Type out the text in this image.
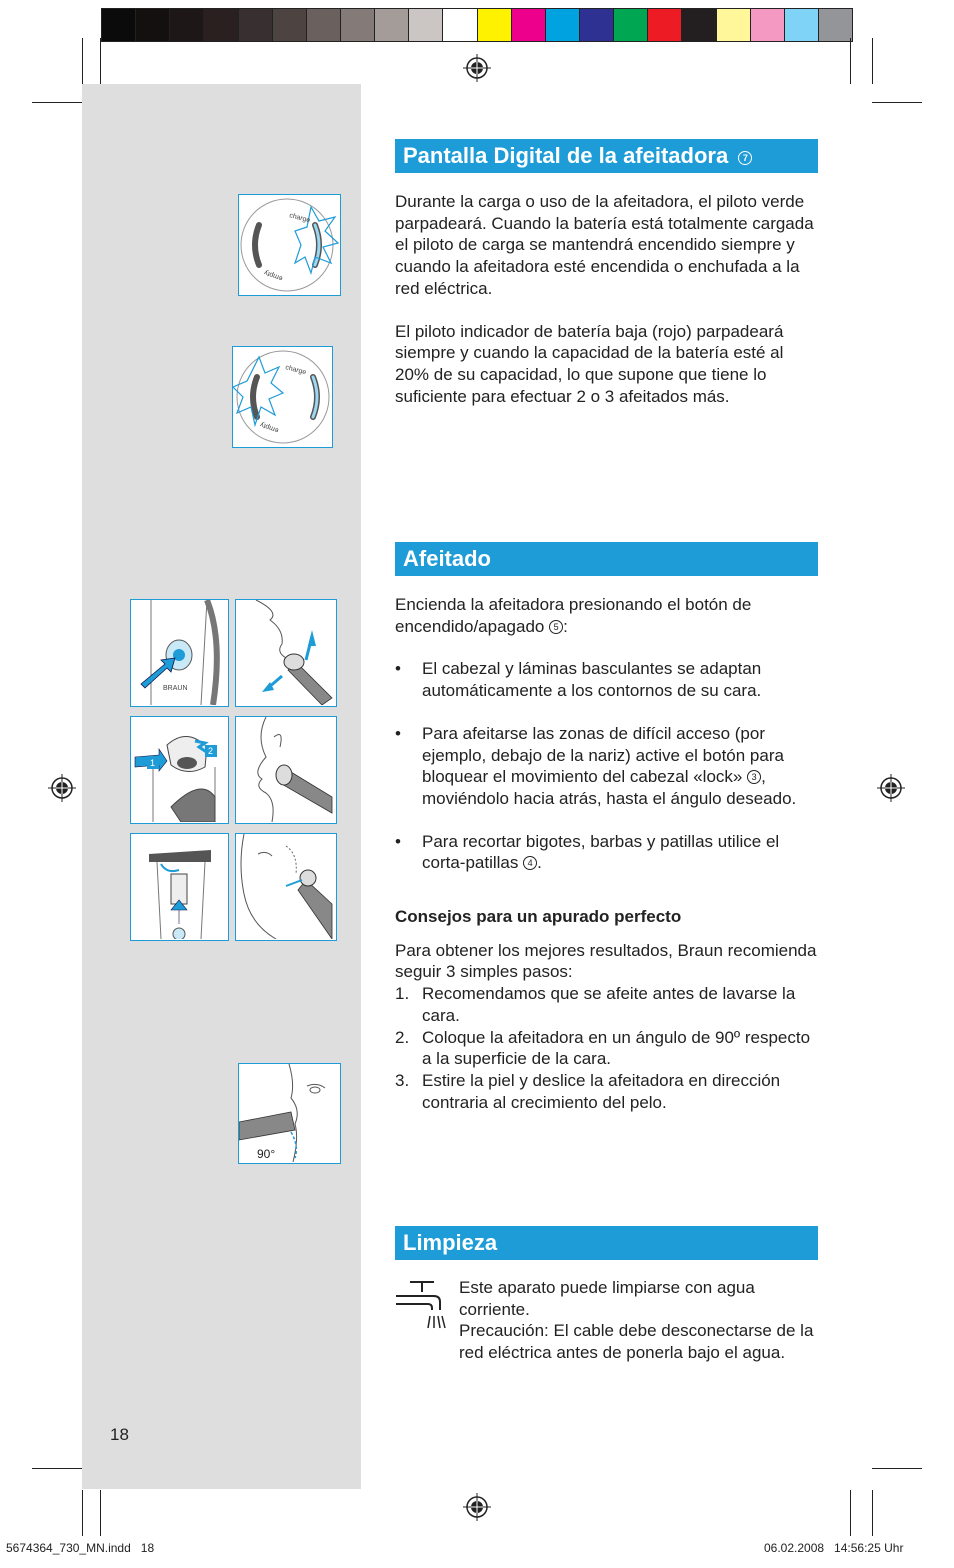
charge
empty
charge
empty
BRAUN
1
2
90°
Pantalla Digital de la afeitadora 7

Durante la carga o uso de la afeitadora, el piloto verde parpadeará. Cuando la batería está totalmente cargada el piloto de carga se mantendrá encendido siempre y cuando la afeitadora esté encendida o enchufada a la red eléctrica.

El piloto indicador de batería baja (rojo) parpadeará siempre y cuando la capacidad de la batería esté al 20% de su capacidad, lo que supone que tiene lo suficiente para efectuar 2 o 3 afeitados más.

Afeitado

Encienda la afeitadora presionando el botón de encendido/apagado 5 :

• El cabezal y láminas basculantes se adaptan automáticamente a los contornos de su cara.
• Para afeitarse las zonas de difícil acceso (por ejemplo, debajo de la nariz) active el botón para bloquear el movimiento del cabezal «lock» 3 , moviéndolo hacia atrás, hasta el ángulo deseado.
• Para recortar bigotes, barbas y patillas utilice el corta-patillas 4 .

Consejos para un apurado perfecto

Para obtener los mejores resultados, Braun recomienda seguir 3 simples pasos:

1. Recomendamos que se afeite antes de lavarse la cara.
2. Coloque la afeitadora en un ángulo de 90º respecto a la superficie de la cara.
3. Estire la piel y deslice la afeitadora en dirección contraria al crecimiento del pelo.
Limpieza

Este aparato puede limpiarse con agua corriente.

Precaución: El cable debe desconectarse de la red eléctrica antes de ponerla bajo el agua.

18
5674364_730_MN.indd   18	06.02.2008   14:56:25 Uhr
